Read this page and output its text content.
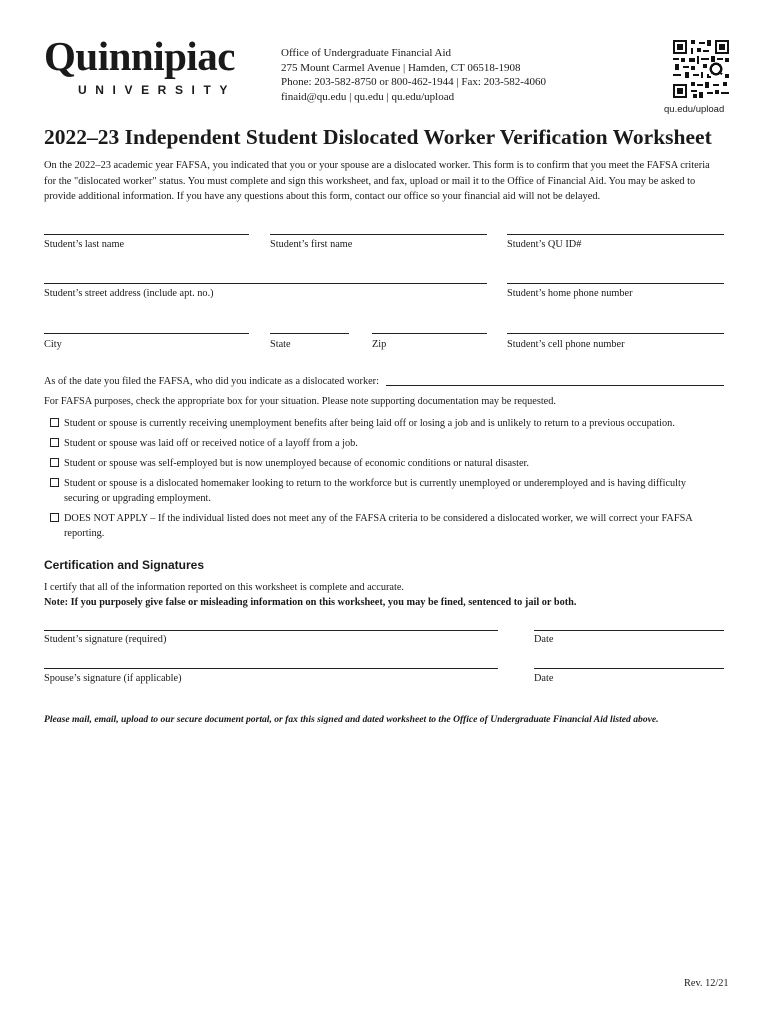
Quinnipiac
UNIVERSITY
Office of Undergraduate Financial Aid
275 Mount Carmel Avenue | Hamden, CT 06518-1908
Phone: 203-582-8750 or 800-462-1944 | Fax: 203-582-4060
finaid@qu.edu | qu.edu | qu.edu/upload
qu.edu/upload
2022–23 Independent Student Dislocated Worker Verification Worksheet
On the 2022–23 academic year FAFSA, you indicated that you or your spouse are a dislocated worker. This form is to confirm that you meet the FAFSA criteria for the "dislocated worker" status. You must complete and sign this worksheet, and fax, upload or mail it to the Office of Financial Aid. You may be asked to provide additional information. If you have any questions about this form, contact our office so your financial aid will not be delayed.
Student’s last name	Student’s first name	Student’s QU ID#
Student’s street address (include apt. no.)	Student’s home phone number
City	State	Zip	Student’s cell phone number
As of the date you filed the FAFSA, who did you indicate as a dislocated worker:
For FAFSA purposes, check the appropriate box for your situation. Please note supporting documentation may be requested.
Student or spouse is currently receiving unemployment benefits after being laid off or losing a job and is unlikely to return to a previous occupation.
Student or spouse was laid off or received notice of a layoff from a job.
Student or spouse was self-employed but is now unemployed because of economic conditions or natural disaster.
Student or spouse is a dislocated homemaker looking to return to the workforce but is currently unemployed or underemployed and is having difficulty securing or upgrading employment.
DOES NOT APPLY – If the individual listed does not meet any of the FAFSA criteria to be considered a dislocated worker, we will correct your FAFSA reporting.
Certification and Signatures
I certify that all of the information reported on this worksheet is complete and accurate.
Note: If you purposely give false or misleading information on this worksheet, you may be fined, sentenced to jail or both.
Student’s signature (required)	Date
Spouse’s signature (if applicable)	Date
Please mail, email, upload to our secure document portal, or fax this signed and dated worksheet to the Office of Undergraduate Financial Aid listed above.
Rev. 12/21
